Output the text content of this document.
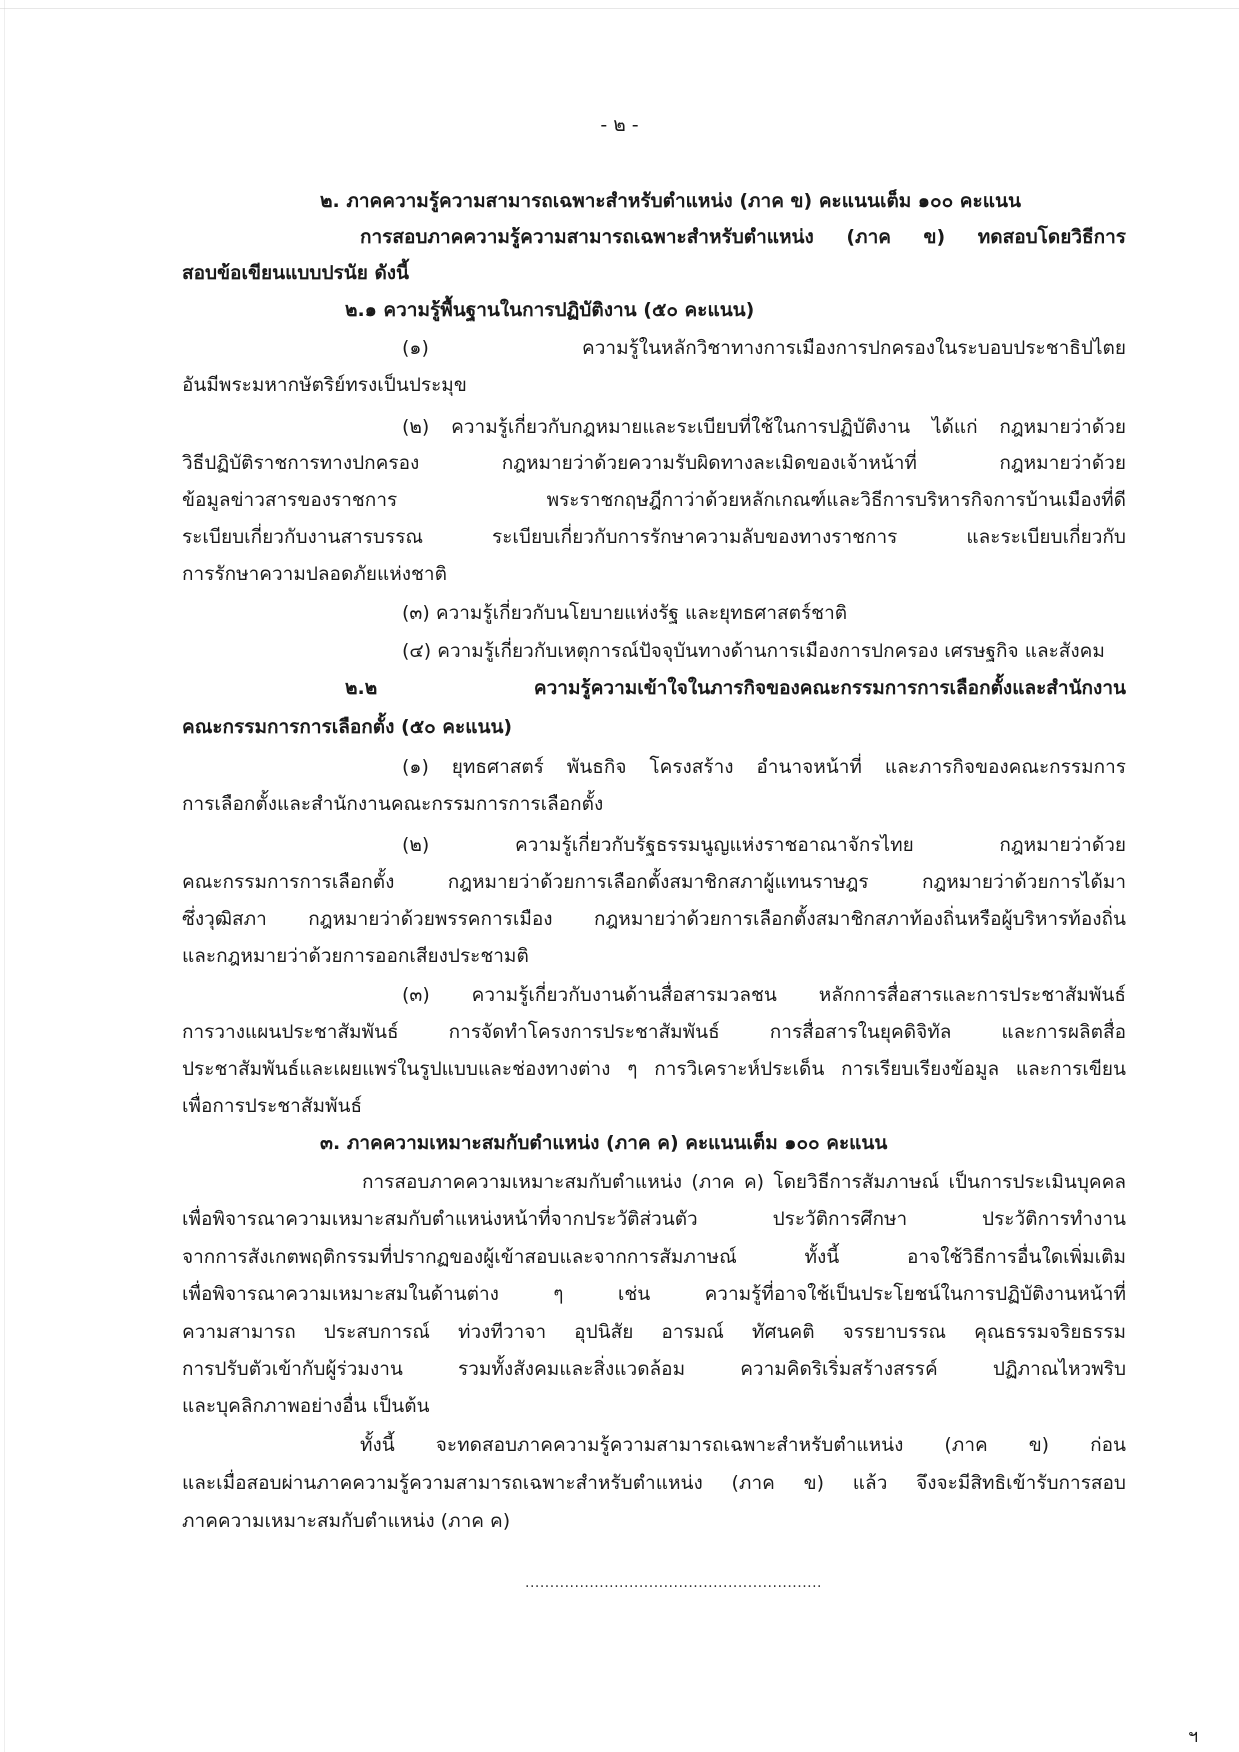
- ๒ -
๒. ภาคความรู้ความสามารถเฉพาะสำหรับตำแหน่ง (ภาค ข) คะแนนเต็ม ๑๐๐ คะแนน
การสอบภาคความรู้ความสามารถเฉพาะสำหรับตำแหน่ง (ภาค ข) ทดสอบโดยวิธีการ
สอบข้อเขียนแบบปรนัย ดังนี้
๒.๑ ความรู้พื้นฐานในการปฏิบัติงาน (๕๐ คะแนน)
(๑) ความรู้ในหลักวิชาทางการเมืองการปกครองในระบอบประชาธิปไตย
อันมีพระมหากษัตริย์ทรงเป็นประมุข
(๒) ความรู้เกี่ยวกับกฎหมายและระเบียบที่ใช้ในการปฏิบัติงาน ได้แก่ กฎหมายว่าด้วย
วิธีปฏิบัติราชการทางปกครอง กฎหมายว่าด้วยความรับผิดทางละเมิดของเจ้าหน้าที่ กฎหมายว่าด้วย
ข้อมูลข่าวสารของราชการ พระราชกฤษฎีกาว่าด้วยหลักเกณฑ์และวิธีการบริหารกิจการบ้านเมืองที่ดี
ระเบียบเกี่ยวกับงานสารบรรณ ระเบียบเกี่ยวกับการรักษาความลับของทางราชการ และระเบียบเกี่ยวกับ
การรักษาความปลอดภัยแห่งชาติ
(๓) ความรู้เกี่ยวกับนโยบายแห่งรัฐ และยุทธศาสตร์ชาติ
(๔) ความรู้เกี่ยวกับเหตุการณ์ปัจจุบันทางด้านการเมืองการปกครอง เศรษฐกิจ และสังคม
๒.๒ ความรู้ความเข้าใจในภารกิจของคณะกรรมการการเลือกตั้งและสำนักงาน
คณะกรรมการการเลือกตั้ง (๕๐ คะแนน)
(๑) ยุทธศาสตร์ พันธกิจ โครงสร้าง อำนาจหน้าที่ และภารกิจของคณะกรรมการ
การเลือกตั้งและสำนักงานคณะกรรมการการเลือกตั้ง
(๒) ความรู้เกี่ยวกับรัฐธรรมนูญแห่งราชอาณาจักรไทย กฎหมายว่าด้วย
คณะกรรมการการเลือกตั้ง กฎหมายว่าด้วยการเลือกตั้งสมาชิกสภาผู้แทนราษฎร กฎหมายว่าด้วยการได้มา
ซึ่งวุฒิสภา กฎหมายว่าด้วยพรรคการเมือง กฎหมายว่าด้วยการเลือกตั้งสมาชิกสภาท้องถิ่นหรือผู้บริหารท้องถิ่น
และกฎหมายว่าด้วยการออกเสียงประชามติ
(๓) ความรู้เกี่ยวกับงานด้านสื่อสารมวลชน หลักการสื่อสารและการประชาสัมพันธ์
การวางแผนประชาสัมพันธ์ การจัดทำโครงการประชาสัมพันธ์ การสื่อสารในยุคดิจิทัล และการผลิตสื่อ
ประชาสัมพันธ์และเผยแพร่ในรูปแบบและช่องทางต่าง ๆ การวิเคราะห์ประเด็น การเรียบเรียงข้อมูล และการเขียน
เพื่อการประชาสัมพันธ์
๓. ภาคความเหมาะสมกับตำแหน่ง (ภาค ค) คะแนนเต็ม ๑๐๐ คะแนน
การสอบภาคความเหมาะสมกับตำแหน่ง (ภาค ค) โดยวิธีการสัมภาษณ์ เป็นการประเมินบุคคล
เพื่อพิจารณาความเหมาะสมกับตำแหน่งหน้าที่จากประวัติส่วนตัว ประวัติการศึกษา ประวัติการทำงาน
จากการสังเกตพฤติกรรมที่ปรากฏของผู้เข้าสอบและจากการสัมภาษณ์ ทั้งนี้ อาจใช้วิธีการอื่นใดเพิ่มเติม
เพื่อพิจารณาความเหมาะสมในด้านต่าง ๆ เช่น ความรู้ที่อาจใช้เป็นประโยชน์ในการปฏิบัติงานหน้าที่
ความสามารถ ประสบการณ์ ท่วงทีวาจา อุปนิสัย อารมณ์ ทัศนคติ จรรยาบรรณ คุณธรรมจริยธรรม
การปรับตัวเข้ากับผู้ร่วมงาน รวมทั้งสังคมและสิ่งแวดล้อม ความคิดริเริ่มสร้างสรรค์ ปฏิภาณไหวพริบ
และบุคลิกภาพอย่างอื่น เป็นต้น
ทั้งนี้ จะทดสอบภาคความรู้ความสามารถเฉพาะสำหรับตำแหน่ง (ภาค ข) ก่อน
และเมื่อสอบผ่านภาคความรู้ความสามารถเฉพาะสำหรับตำแหน่ง (ภาค ข) แล้ว จึงจะมีสิทธิเข้ารับการสอบ
ภาคความเหมาะสมกับตำแหน่ง (ภาค ค)
............................................................
ฯ
